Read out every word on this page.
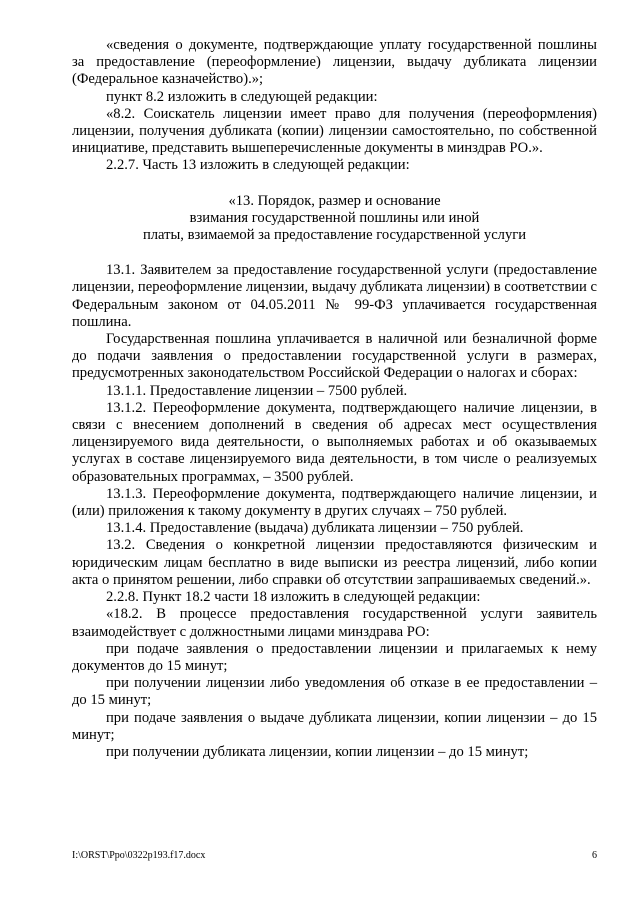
«сведения о документе, подтверждающие уплату государственной пошлины за предоставление (переоформление) лицензии, выдачу дубликата лицензии (Федеральное казначейство).»;

пункт 8.2 изложить в следующей редакции:

«8.2. Соискатель лицензии имеет право для получения (переоформления) лицензии, получения дубликата (копии) лицензии самостоятельно, по собственной инициативе, представить вышеперечисленные документы в минздрав РО.».

2.2.7. Часть 13 изложить в следующей редакции:

«13. Порядок, размер и основание

взимания государственной пошлины или иной

платы, взимаемой за предоставление государственной услуги

13.1. Заявителем за предоставление государственной услуги (предоставление лицензии, переоформление лицензии, выдачу дубликата лицензии) в соответствии с Федеральным законом от 04.05.2011 № 99-ФЗ уплачивается государственная пошлина.

Государственная пошлина уплачивается в наличной или безналичной форме до подачи заявления о предоставлении государственной услуги в размерах, предусмотренных законодательством Российской Федерации о налогах и сборах:

13.1.1. Предоставление лицензии – 7500 рублей.

13.1.2. Переоформление документа, подтверждающего наличие лицензии, в связи с внесением дополнений в сведения об адресах мест осуществления лицензируемого вида деятельности, о выполняемых работах и об оказываемых услугах в составе лицензируемого вида деятельности, в том числе о реализуемых образовательных программах, – 3500 рублей.

13.1.3. Переоформление документа, подтверждающего наличие лицензии, и (или) приложения к такому документу в других случаях – 750 рублей.

13.1.4. Предоставление (выдача) дубликата лицензии – 750 рублей.

13.2. Сведения о конкретной лицензии предоставляются физическим и юридическим лицам бесплатно в виде выписки из реестра лицензий, либо копии акта о принятом решении, либо справки об отсутствии запрашиваемых сведений.».

2.2.8. Пункт 18.2 части 18 изложить в следующей редакции:

«18.2. В процессе предоставления государственной услуги заявитель взаимодействует с должностными лицами минздрава РО:

при подаче заявления о предоставлении лицензии и прилагаемых к нему документов до 15 минут;

при получении лицензии либо уведомления об отказе в ее предоставлении – до 15 минут;

при подаче заявления о выдаче дубликата лицензии, копии лицензии – до 15 минут;

при получении дубликата лицензии, копии лицензии – до 15 минут;

I:\ORST\Ppo\0322p193.f17.docx	6
